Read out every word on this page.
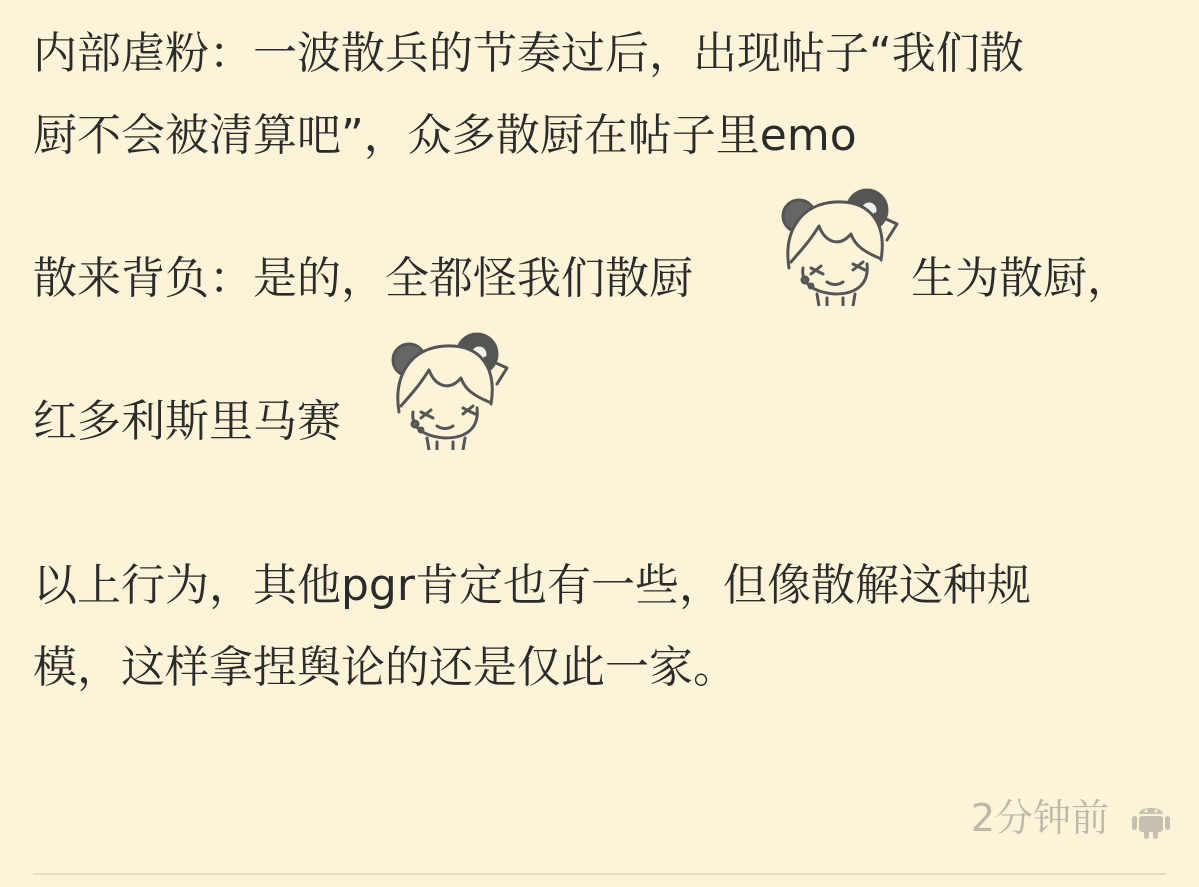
内部虐粉：一波散兵的节奏过后，出现帖子“我们散
厨不会被清算吧”，众多散厨在帖子里emo
散来背负：是的，全都怪我们散厨	生为散厨，
红多利斯里马赛
以上行为，其他pgr肯定也有一些，但像散解这种规
模，这样拿捏舆论的还是仅此一家。
2分钟前
